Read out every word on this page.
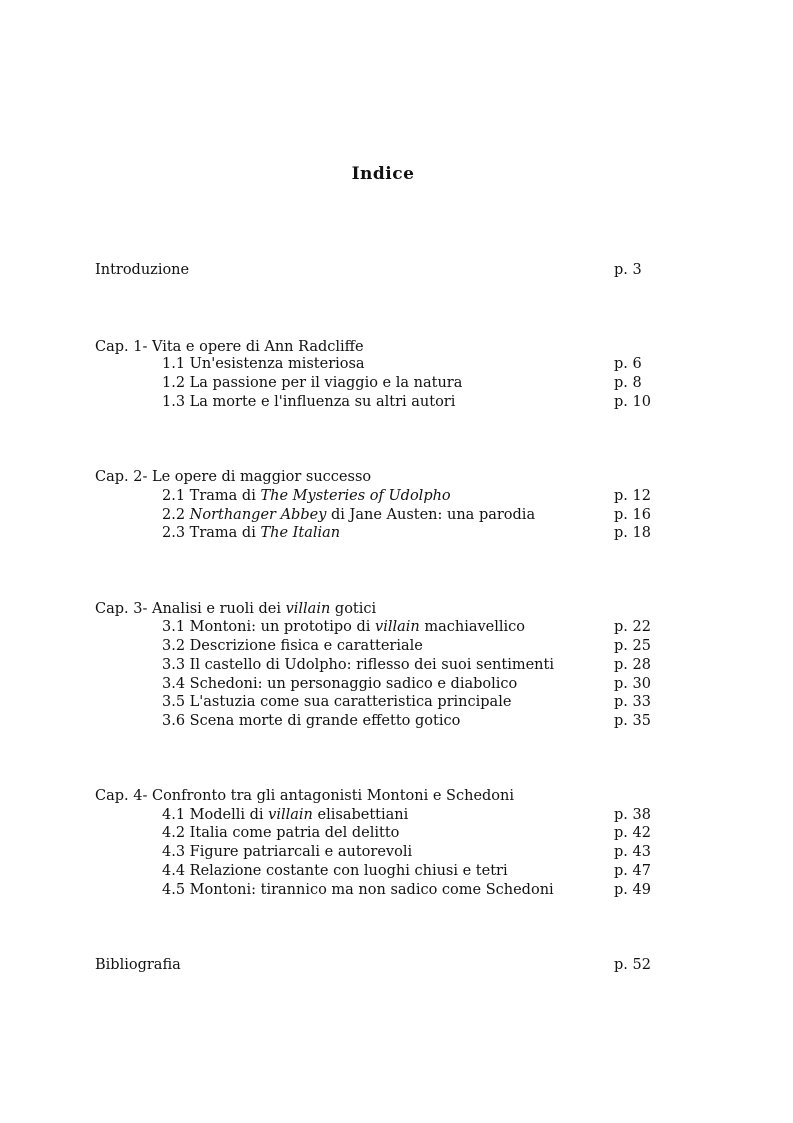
Indice
Introduzione	p. 3
Cap. 1- Vita e opere di Ann Radcliffe
1.1 Un'esistenza misteriosa	p. 6
1.2 La passione per il viaggio e la natura	p. 8
1.3 La morte e l'influenza su altri autori	p. 10
Cap. 2- Le opere di maggior successo
2.1 Trama di The Mysteries of Udolpho	p. 12
2.2 Northanger Abbey di Jane Austen: una parodia	p. 16
2.3 Trama di The Italian	p. 18
Cap. 3- Analisi e ruoli dei villain gotici
3.1 Montoni: un prototipo di villain machiavellico	p. 22
3.2 Descrizione fisica e caratteriale	p. 25
3.3 Il castello di Udolpho: riflesso dei suoi sentimenti	p. 28
3.4 Schedoni: un personaggio sadico e diabolico	p. 30
3.5 L'astuzia come sua caratteristica principale	p. 33
3.6 Scena morte di grande effetto gotico	p. 35
Cap. 4- Confronto tra gli antagonisti Montoni e Schedoni
4.1 Modelli di villain elisabettiani	p. 38
4.2 Italia come patria del delitto	p. 42
4.3 Figure patriarcali e autorevoli	p. 43
4.4 Relazione costante con luoghi chiusi e tetri	p. 47
4.5 Montoni: tirannico ma non sadico come Schedoni	p. 49
Bibliografia	p. 52
